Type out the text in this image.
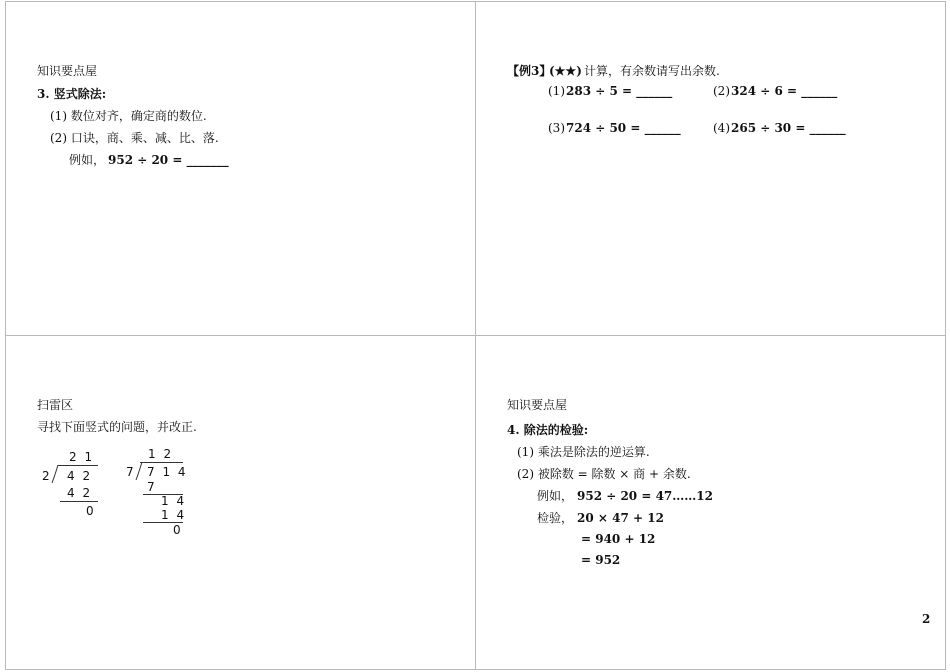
知识要点屋
3. 竖式除法:
(1) 数位对齐，确定商的数位.
(2) 口诀，商、乘、减、比、落.
例如， 952 ÷ 20 = _______
【例3】
(★★) 计算，有余数请写出余数.
(1) 283 ÷ 5 = ______	(2) 324 ÷ 6 = ______
(3) 724 ÷ 50 = ______	(4) 265 ÷ 30 = ______
扫雷区
寻找下面竖式的问题，并改正.
2 1
2 4 2
4 2
0
1 2
7 7 1 4
7
1 4
1 4
0
知识要点屋
4. 除法的检验:
(1) 乘法是除法的逆运算.
(2) 被除数 = 除数 × 商 + 余数.
例如， 952 ÷ 20 = 47……12
检验， 20 × 47 + 12
= 940 + 12
= 952
2
